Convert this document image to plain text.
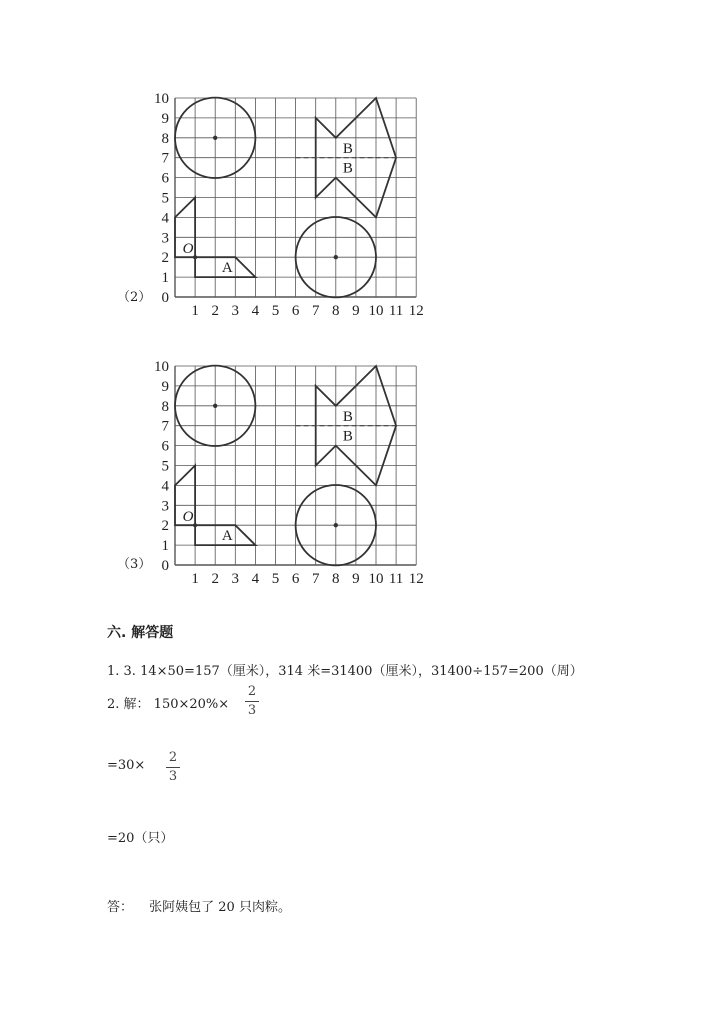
1 2 3 4 5 6 7 8 9 10 11 12
0
1
2
3
4
5
6
7
8
9
10
A
B
B
O
（2）
1 2 3 4 5 6 7 8 9 10 11 12
0
1
2
3
4
5
6
7
8
9
10
A
B
B
O
（3）
六. 解答题
1. 3. 14×50=157（厘米），314 米=31400（厘米），31400÷157=200（周）
2. 解： 150×20%×
2
3
=30×
2
3
=20（只）
答： 张阿姨包了 20 只肉粽。
